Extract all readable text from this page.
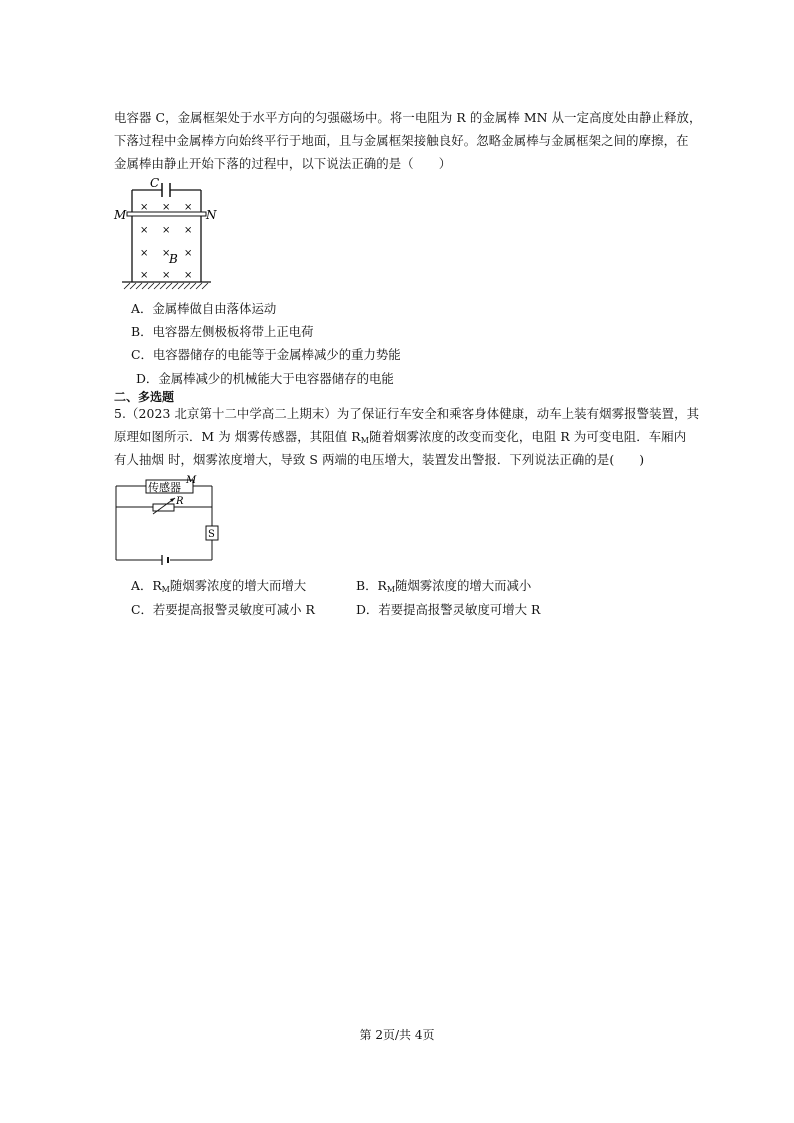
电容器 C，金属框架处于水平方向的匀强磁场中。将一电阻为 R 的金属棒 MN 从一定高度处由静止释放，
下落过程中金属棒方向始终平行于地面，且与金属框架接触良好。忽略金属棒与金属框架之间的摩擦，在
金属棒由静止开始下落的过程中，以下说法正确的是（　　）
C
M	N
× × ×
× × ×
× × ×
× × ×
B
A．金属棒做自由落体运动
B．电容器左侧极板将带上正电荷
C．电容器储存的电能等于金属棒减少的重力势能
D．金属棒减少的机械能大于电容器储存的电能
二、多选题
5.（2023 北京第十二中学高二上期末）为了保证行车安全和乘客身体健康，动车上装有烟雾报警装置，其
原理如图所示．M 为 烟雾传感器，其阻值 $R_M$随着烟雾浓度的改变而变化，电阻 R 为可变电阻．车厢内
有人抽烟 时，烟雾浓度增大，导致 S 两端的电压增大，装置发出警报．下列说法正确的是(　　)
传感器
M
R
S
A．$R_M$随烟雾浓度的增大而增大	B．$R_M$随烟雾浓度的增大而减小
C．若要提高报警灵敏度可减小 R	D．若要提高报警灵敏度可增大 R
第 2页/共 4页
